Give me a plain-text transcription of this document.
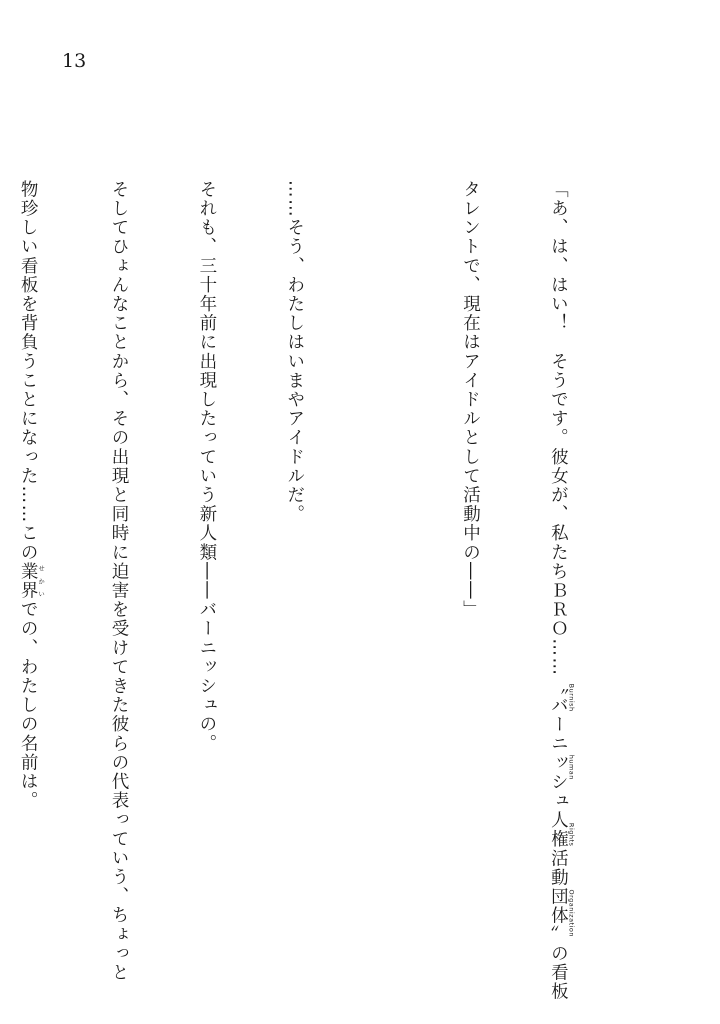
13

「あ、は、はい！　そうです。彼女が、私たちＢＲＯ……〝バーニッシュ人権活動団体〟 Burnish human Rights Organizationの看板

タレントで、現在はアイドルとして活動中の――」

……そう、わたしはいまやアイドルだ。

それも、三十年前に出現したっていう新人類――バーニッシュの。

そしてひょんなことから、その出現と同時に迫害を受けてきた彼らの代表っていう、ちょっと

物珍しい看板を背負うことになった……この業界 せかいでの、わたしの名前は。
